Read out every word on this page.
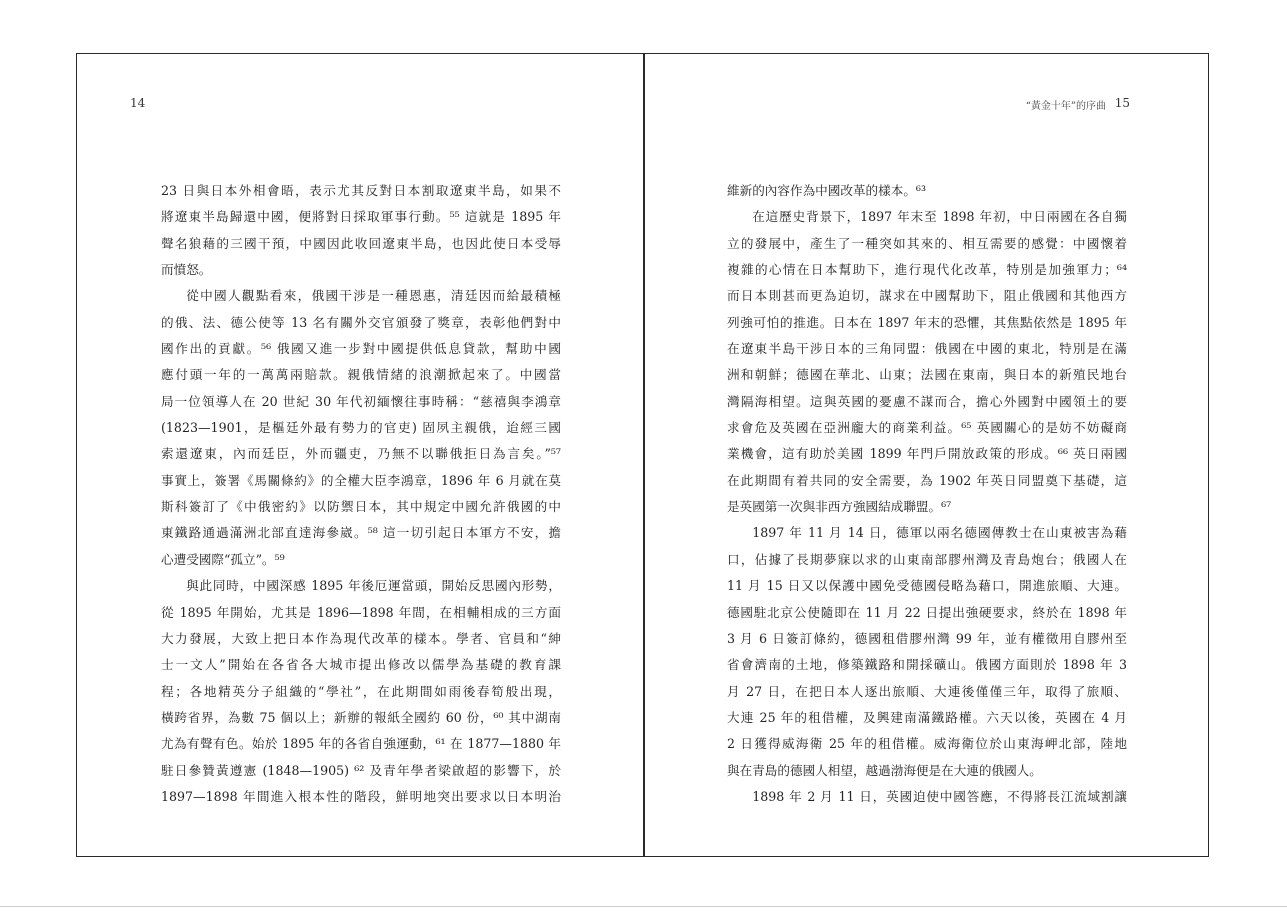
14
23 日與日本外相會晤，表示尤其反對日本割取遼東半島，如果不
將遼東半島歸還中國，便將對日採取軍事行動。⁵⁵ 這就是 1895 年
聲名狼藉的三國干預，中國因此收回遼東半島，也因此使日本受辱
而憤怒。
從中國人觀點看來，俄國干涉是一種恩惠，清廷因而給最積極
的俄、法、德公使等 13 名有關外交官頒發了獎章，表彰他們對中
國作出的貢獻。⁵⁶ 俄國又進一步對中國提供低息貸款，幫助中國
應付頭一年的一萬萬兩賠款。親俄情緒的浪潮掀起來了。中國當
局一位領導人在 20 世紀 30 年代初緬懷往事時稱：“慈禧與李鴻章
(1823—1901，是樞廷外最有勢力的官吏) 固夙主親俄，迨經三國
索還遼東，內而廷臣，外而疆吏，乃無不以聯俄拒日為言矣。”⁵⁷
事實上，簽署《馬關條約》的全權大臣李鴻章，1896 年 6 月就在莫
斯科簽訂了《中俄密約》以防禦日本，其中規定中國允許俄國的中
東鐵路通過滿洲北部直達海參崴。⁵⁸ 這一切引起日本軍方不安，擔
心遭受國際“孤立”。⁵⁹
與此同時，中國深感 1895 年後厄運當頭，開始反思國內形勢，
從 1895 年開始，尤其是 1896—1898 年間，在相輔相成的三方面
大力發展，大致上把日本作為現代改革的樣本。學者、官員和“紳
士一文人”開始在各省各大城市提出修改以儒學為基礎的教育課
程；各地精英分子組織的“學社”，在此期間如雨後春筍般出現，
橫跨省界，為數 75 個以上；新辦的報紙全國約 60 份，⁶⁰ 其中湖南
尤為有聲有色。始於 1895 年的各省自強運動，⁶¹ 在 1877—1880 年
駐日參贊黃遵憲 (1848—1905) ⁶² 及青年學者梁啟超的影響下，於
1897—1898 年間進入根本性的階段，鮮明地突出要求以日本明治
“黃金十年”的序曲 15
維新的內容作為中國改革的樣本。⁶³
在這歷史背景下，1897 年末至 1898 年初，中日兩國在各自獨
立的發展中，產生了一種突如其來的、相互需要的感覺：中國懷着
複雜的心情在日本幫助下，進行現代化改革，特別是加強軍力；⁶⁴
而日本則甚而更為迫切，謀求在中國幫助下，阻止俄國和其他西方
列強可怕的推進。日本在 1897 年末的恐懼，其焦點依然是 1895 年
在遼東半島干涉日本的三角同盟：俄國在中國的東北，特別是在滿
洲和朝鮮；德國在華北、山東；法國在東南，與日本的新殖民地台
灣隔海相望。這與英國的憂慮不謀而合，擔心外國對中國領土的要
求會危及英國在亞洲龐大的商業利益。⁶⁵ 英國關心的是妨不妨礙商
業機會，這有助於美國 1899 年門戶開放政策的形成。⁶⁶ 英日兩國
在此期間有着共同的安全需要，為 1902 年英日同盟奠下基礎，這
是英國第一次與非西方強國結成聯盟。⁶⁷
1897 年 11 月 14 日，德軍以兩名德國傳教士在山東被害為藉
口，佔據了長期夢寐以求的山東南部膠州灣及青島炮台；俄國人在
11 月 15 日又以保護中國免受德國侵略為藉口，開進旅順、大連。
德國駐北京公使隨即在 11 月 22 日提出強硬要求，終於在 1898 年
3 月 6 日簽訂條約，德國租借膠州灣 99 年，並有權徵用自膠州至
省會濟南的土地，修築鐵路和開採礦山。俄國方面則於 1898 年 3
月 27 日，在把日本人逐出旅順、大連後僅僅三年，取得了旅順、
大連 25 年的租借權，及興建南滿鐵路權。六天以後，英國在 4 月
2 日獲得威海衛 25 年的租借權。威海衛位於山東海岬北部，陸地
與在青島的德國人相望，越過渤海便是在大連的俄國人。
1898 年 2 月 11 日，英國迫使中國答應，不得將長江流域割讓
